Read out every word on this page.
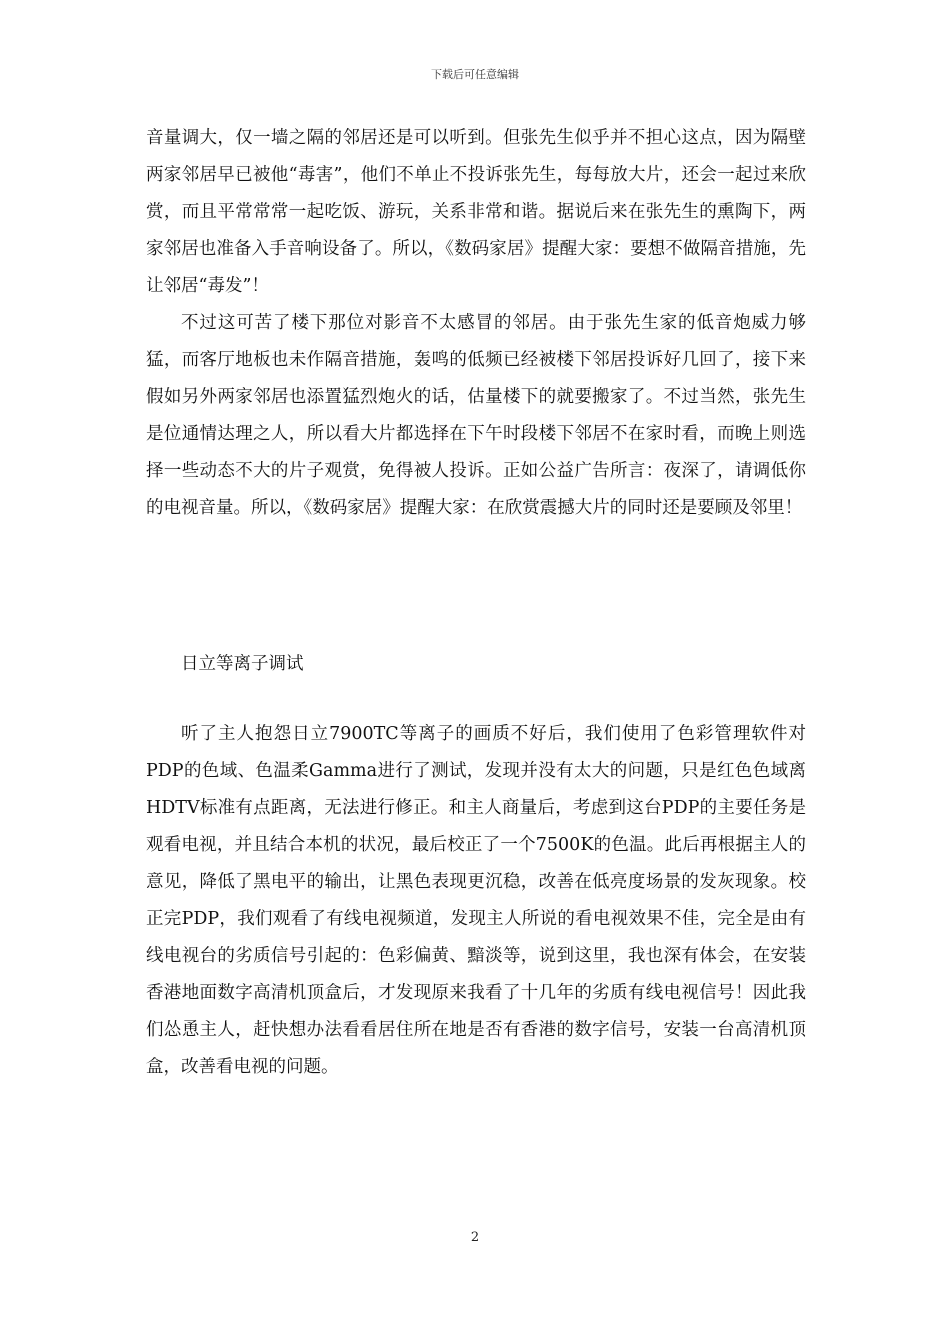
下载后可任意编辑

音量调大，仅一墙之隔的邻居还是可以听到。但张先生似乎并不担心这点，因为隔壁两家邻居早已被他“毒害”，他们不单止不投诉张先生，每每放大片，还会一起过来欣赏，而且平常常常一起吃饭、游玩，关系非常和谐。据说后来在张先生的熏陶下，两家邻居也准备入手音响设备了。所以，《数码家居》提醒大家：要想不做隔音措施，先让邻居“毒发”！

不过这可苦了楼下那位对影音不太感冒的邻居。由于张先生家的低音炮威力够猛，而客厅地板也未作隔音措施，轰鸣的低频已经被楼下邻居投诉好几回了，接下来假如另外两家邻居也添置猛烈炮火的话，估量楼下的就要搬家了。不过当然，张先生是位通情达理之人，所以看大片都选择在下午时段楼下邻居不在家时看，而晚上则选择一些动态不大的片子观赏，免得被人投诉。正如公益广告所言：夜深了，请调低你的电视音量。所以，《数码家居》提醒大家：在欣赏震撼大片的同时还是要顾及邻里！

日立等离子调试

听了主人抱怨日立7900TC等离子的画质不好后，我们使用了色彩管理软件对PDP的色域、色温柔Gamma进行了测试，发现并没有太大的问题，只是红色色域离HDTV标准有点距离，无法进行修正。和主人商量后，考虑到这台PDP的主要任务是观看电视，并且结合本机的状况，最后校正了一个7500K的色温。此后再根据主人的意见，降低了黑电平的输出，让黑色表现更沉稳，改善在低亮度场景的发灰现象。校正完PDP，我们观看了有线电视频道，发现主人所说的看电视效果不佳，完全是由有线电视台的劣质信号引起的：色彩偏黄、黯淡等，说到这里，我也深有体会，在安装香港地面数字高清机顶盒后，才发现原来我看了十几年的劣质有线电视信号！因此我们怂恿主人，赶快想办法看看居住所在地是否有香港的数字信号，安装一台高清机顶盒，改善看电视的问题。

2
